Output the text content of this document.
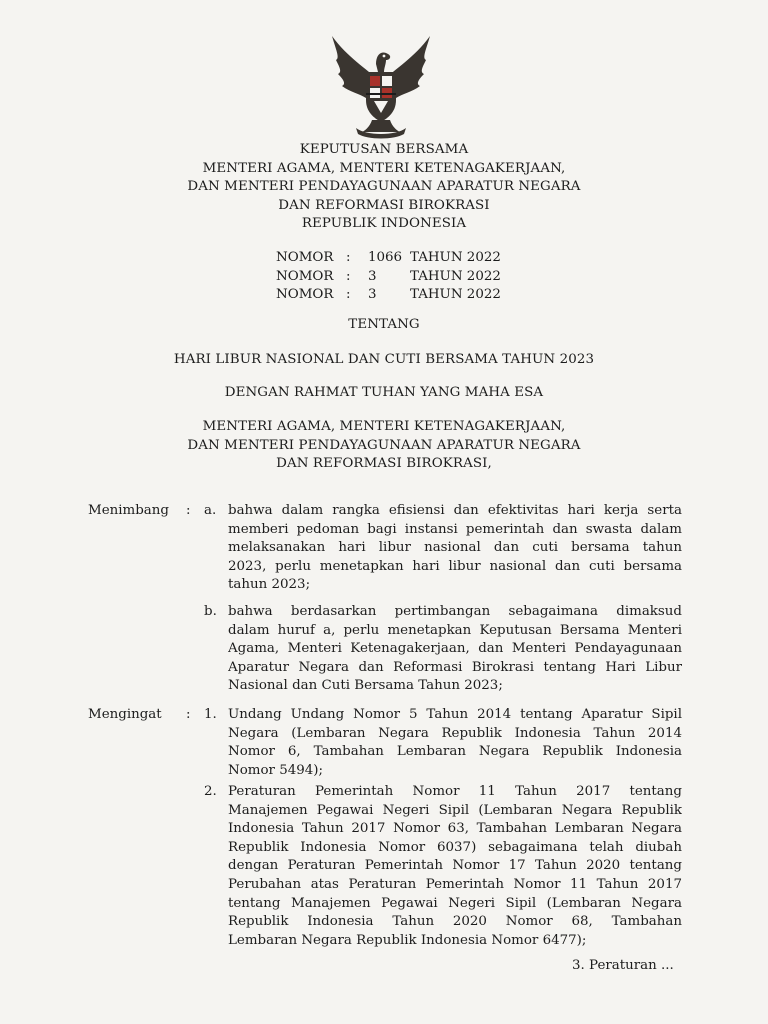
KEPUTUSAN BERSAMA
MENTERI AGAMA, MENTERI KETENAGAKERJAAN,
DAN MENTERI PENDAYAGUNAAN APARATUR NEGARA
DAN REFORMASI BIROKRASI
REPUBLIK INDONESIA
NOMOR :	1066 TAHUN 2022
NOMOR :	3	TAHUN 2022
NOMOR :	3	TAHUN 2022
TENTANG
HARI LIBUR NASIONAL DAN CUTI BERSAMA TAHUN 2023
DENGAN RAHMAT TUHAN YANG MAHA ESA
MENTERI AGAMA, MENTERI KETENAGAKERJAAN,
DAN MENTERI PENDAYAGUNAAN APARATUR NEGARA
DAN REFORMASI BIROKRASI,
Menimbang : a. bahwa dalam rangka efisiensi dan efektivitas hari kerja serta
memberi pedoman bagi instansi pemerintah dan swasta dalam
melaksanakan hari libur nasional dan cuti bersama tahun
2023, perlu menetapkan hari libur nasional dan cuti bersama
tahun 2023;
b. bahwa berdasarkan pertimbangan sebagaimana dimaksud
dalam huruf a, perlu menetapkan Keputusan Bersama Menteri
Agama, Menteri Ketenagakerjaan, dan Menteri Pendayagunaan
Aparatur Negara dan Reformasi Birokrasi tentang Hari Libur
Nasional dan Cuti Bersama Tahun 2023;
Mengingat : 1. Undang Undang Nomor 5 Tahun 2014 tentang Aparatur Sipil
Negara (Lembaran Negara Republik Indonesia Tahun 2014
Nomor 6, Tambahan Lembaran Negara Republik Indonesia
Nomor 5494);
2. Peraturan Pemerintah Nomor 11 Tahun 2017 tentang
Manajemen Pegawai Negeri Sipil (Lembaran Negara Republik
Indonesia Tahun 2017 Nomor 63, Tambahan Lembaran Negara
Republik Indonesia Nomor 6037) sebagaimana telah diubah
dengan Peraturan Pemerintah Nomor 17 Tahun 2020 tentang
Perubahan atas Peraturan Pemerintah Nomor 11 Tahun 2017
tentang Manajemen Pegawai Negeri Sipil (Lembaran Negara
Republik Indonesia Tahun 2020 Nomor 68, Tambahan
Lembaran Negara Republik Indonesia Nomor 6477);
3. Peraturan ...
